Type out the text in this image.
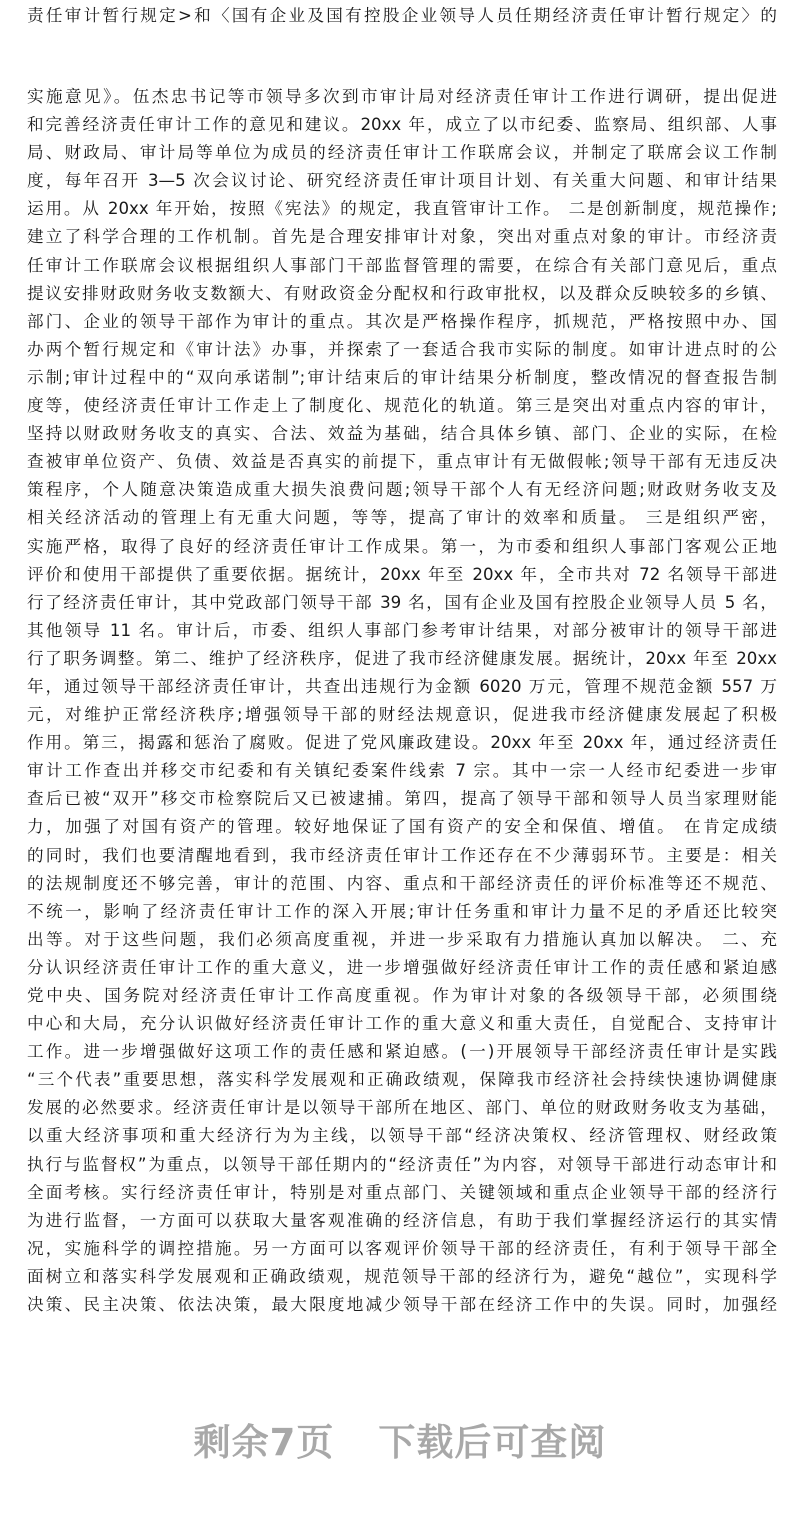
责任审计暂行规定>和〈国有企业及国有控股企业领导人员任期经济责任审计暂行规定〉的
实施意见》。伍杰忠书记等市领导多次到市审计局对经济责任审计工作进行调研，提出促进
和完善经济责任审计工作的意见和建议。20xx 年，成立了以市纪委、监察局、组织部、人事
局、财政局、审计局等单位为成员的经济责任审计工作联席会议，并制定了联席会议工作制
度，每年召开 3—5 次会议讨论、研究经济责任审计项目计划、有关重大问题、和审计结果
运用。从 20xx 年开始，按照《宪法》的规定，我直管审计工作。 二是创新制度，规范操作;
建立了科学合理的工作机制。首先是合理安排审计对象，突出对重点对象的审计。市经济责
任审计工作联席会议根据组织人事部门干部监督管理的需要，在综合有关部门意见后，重点
提议安排财政财务收支数额大、有财政资金分配权和行政审批权，以及群众反映较多的乡镇、
部门、企业的领导干部作为审计的重点。其次是严格操作程序，抓规范，严格按照中办、国
办两个暂行规定和《审计法》办事，并探索了一套适合我市实际的制度。如审计进点时的公
示制;审计过程中的“双向承诺制”;审计结束后的审计结果分析制度，整改情况的督查报告制
度等，使经济责任审计工作走上了制度化、规范化的轨道。第三是突出对重点内容的审计，
坚持以财政财务收支的真实、合法、效益为基础，结合具体乡镇、部门、企业的实际，在检
查被审单位资产、负债、效益是否真实的前提下，重点审计有无做假帐;领导干部有无违反决
策程序，个人随意决策造成重大损失浪费问题;领导干部个人有无经济问题;财政财务收支及
相关经济活动的管理上有无重大问题，等等，提高了审计的效率和质量。 三是组织严密，
实施严格，取得了良好的经济责任审计工作成果。第一，为市委和组织人事部门客观公正地
评价和使用干部提供了重要依据。据统计，20xx 年至 20xx 年，全市共对 72 名领导干部进
行了经济责任审计，其中党政部门领导干部 39 名，国有企业及国有控股企业领导人员 5 名，
其他领导 11 名。审计后，市委、组织人事部门参考审计结果，对部分被审计的领导干部进
行了职务调整。第二、维护了经济秩序，促进了我市经济健康发展。据统计，20xx 年至 20xx
年，通过领导干部经济责任审计，共查出违规行为金额 6020 万元，管理不规范金额 557 万
元，对维护正常经济秩序;增强领导干部的财经法规意识，促进我市经济健康发展起了积极
作用。第三，揭露和惩治了腐败。促进了党风廉政建设。20xx 年至 20xx 年，通过经济责任
审计工作查出并移交市纪委和有关镇纪委案件线索 7 宗。其中一宗一人经市纪委进一步审
查后已被“双开”移交市检察院后又已被逮捕。第四，提高了领导干部和领导人员当家理财能
力，加强了对国有资产的管理。较好地保证了国有资产的安全和保值、增值。 在肯定成绩
的同时，我们也要清醒地看到，我市经济责任审计工作还存在不少薄弱环节。主要是：相关
的法规制度还不够完善，审计的范围、内容、重点和干部经济责任的评价标准等还不规范、
不统一，影响了经济责任审计工作的深入开展;审计任务重和审计力量不足的矛盾还比较突
出等。对于这些问题，我们必须高度重视，并进一步采取有力措施认真加以解决。 二、充
分认识经济责任审计工作的重大意义，进一步增强做好经济责任审计工作的责任感和紧迫感
党中央、国务院对经济责任审计工作高度重视。作为审计对象的各级领导干部，必须围绕
中心和大局，充分认识做好经济责任审计工作的重大意义和重大责任，自觉配合、支持审计
工作。进一步增强做好这项工作的责任感和紧迫感。(一)开展领导干部经济责任审计是实践
“三个代表”重要思想，落实科学发展观和正确政绩观，保障我市经济社会持续快速协调健康
发展的必然要求。经济责任审计是以领导干部所在地区、部门、单位的财政财务收支为基础，
以重大经济事项和重大经济行为为主线，以领导干部“经济决策权、经济管理权、财经政策
执行与监督权”为重点，以领导干部任期内的“经济责任”为内容，对领导干部进行动态审计和
全面考核。实行经济责任审计，特别是对重点部门、关键领域和重点企业领导干部的经济行
为进行监督，一方面可以获取大量客观准确的经济信息，有助于我们掌握经济运行的其实情
况，实施科学的调控措施。另一方面可以客观评价领导干部的经济责任，有利于领导干部全
面树立和落实科学发展观和正确政绩观，规范领导干部的经济行为，避免“越位”，实现科学
决策、民主决策、依法决策，最大限度地减少领导干部在经济工作中的失误。同时，加强经
剩余7页 下载后可查阅
